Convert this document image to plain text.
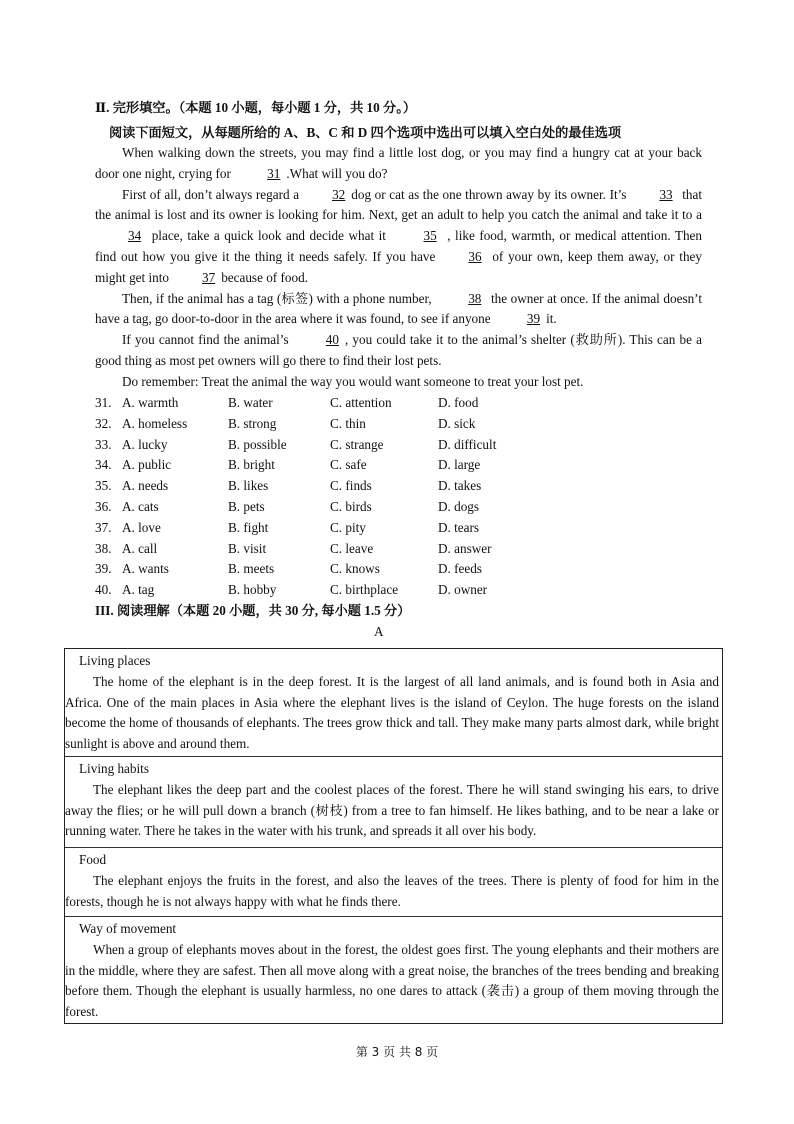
Ⅱ. 完形填空。（本题 10 小题，每小题 1 分，共 10 分。）
阅读下面短文，从每题所给的 A、B、C 和 D 四个选项中选出可以填入空白处的最佳选项

When walking down the streets, you may find a little lost dog, or you may find a hungry cat at your back door one night, crying for	31 .What will you do?

First of all, don’t always regard a	32 dog or cat as the one thrown away by its owner. It’s	33 that the animal is lost and its owner is looking for him. Next, get an adult to help you catch the animal and take it to a 34 place, take a quick look and decide what it	35 , like food, warmth, or medical attention. Then find out how you give it the thing it needs safely. If you have	36 of your own, keep them away, or they might get into	37 because of food.

Then, if the animal has a tag (标签) with a phone number,	38 the owner at once. If the animal doesn’t have a tag, go door-to-door in the area where it was found, to see if anyone	39 it.

If you cannot find the animal’s	40 , you could take it to the animal’s shelter (救助所). This can be a good thing as most pet owners will go there to find their lost pets.

Do remember: Treat the animal the way you would want someone to treat your lost pet.

31. A. warmth	B. water	C. attention	D. food
32. A. homeless	B. strong	C. thin	D. sick
33. A. lucky	B. possible	C. strange	D. difficult
34. A. public	B. bright	C. safe	D. large
35. A. needs	B. likes	C. finds	D. takes
36. A. cats	B. pets	C. birds	D. dogs
37. A. love	B. fight	C. pity	D. tears
38. A. call	B. visit	C. leave	D. answer
39. A. wants	B. meets	C. knows	D. feeds
40. A. tag	B. hobby	C. birthplace	D. owner
III. 阅读理解（本题 20 小题，共 30 分, 每小题 1.5 分）
A

Living places

The home of the elephant is in the deep forest. It is the largest of all land animals, and is found both in Asia and Africa. One of the main places in Asia where the elephant lives is the island of Ceylon. The huge forests on the island become the home of thousands of elephants. The trees grow thick and tall. They make many parts almost dark, while bright sunlight is above and around them.

Living habits

The elephant likes the deep part and the coolest places of the forest. There he will stand swinging his ears, to drive away the flies; or he will pull down a branch (树枝) from a tree to fan himself. He likes bathing, and to be near a lake or running water. There he takes in the water with his trunk, and spreads it all over his body.

Food

The elephant enjoys the fruits in the forest, and also the leaves of the trees. There is plenty of food for him in the forests, though he is not always happy with what he finds there.

Way of movement

When a group of elephants moves about in the forest, the oldest goes first. The young elephants and their mothers are in the middle, where they are safest. Then all move along with a great noise, the branches of the trees bending and breaking before them. Though the elephant is usually harmless, no one dares to attack (袭击) a group of them moving through the forest.

第 3 页 共 8 页
